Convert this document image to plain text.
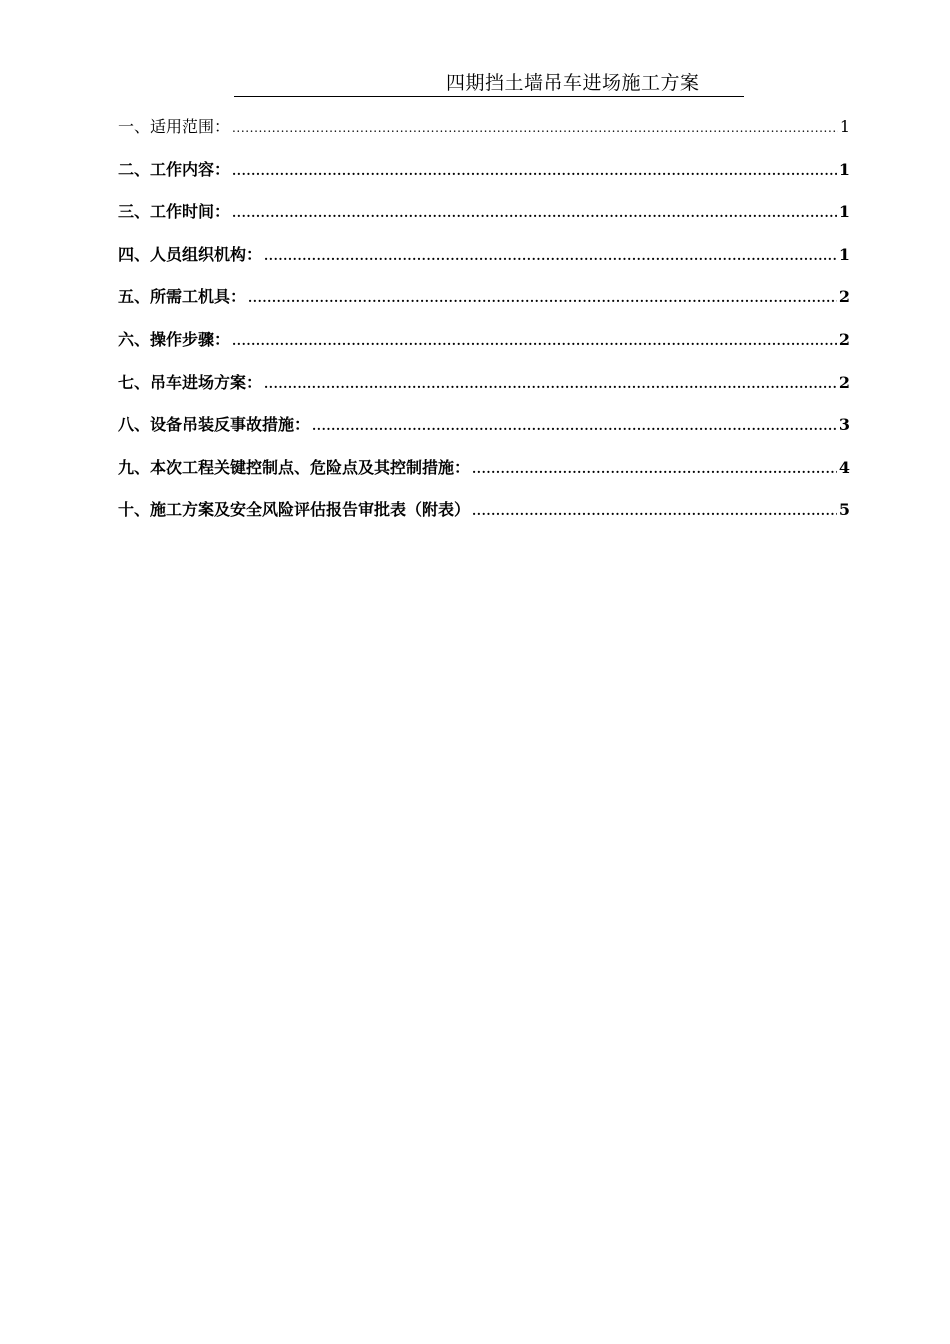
四期挡土墙吊车进场施工方案
一、适用范围： .....	1
二、工作内容： .....	1
三、工作时间： .....	1
四、人员组织机构： .....	1
五、所需工机具： .....	2
六、操作步骤： .....	2
七、吊车进场方案： .....	2
八、设备吊装反事故措施： .....	3
九、本次工程关键控制点、危险点及其控制措施： .....	4
十、施工方案及安全风险评估报告审批表（附表） .....	5
